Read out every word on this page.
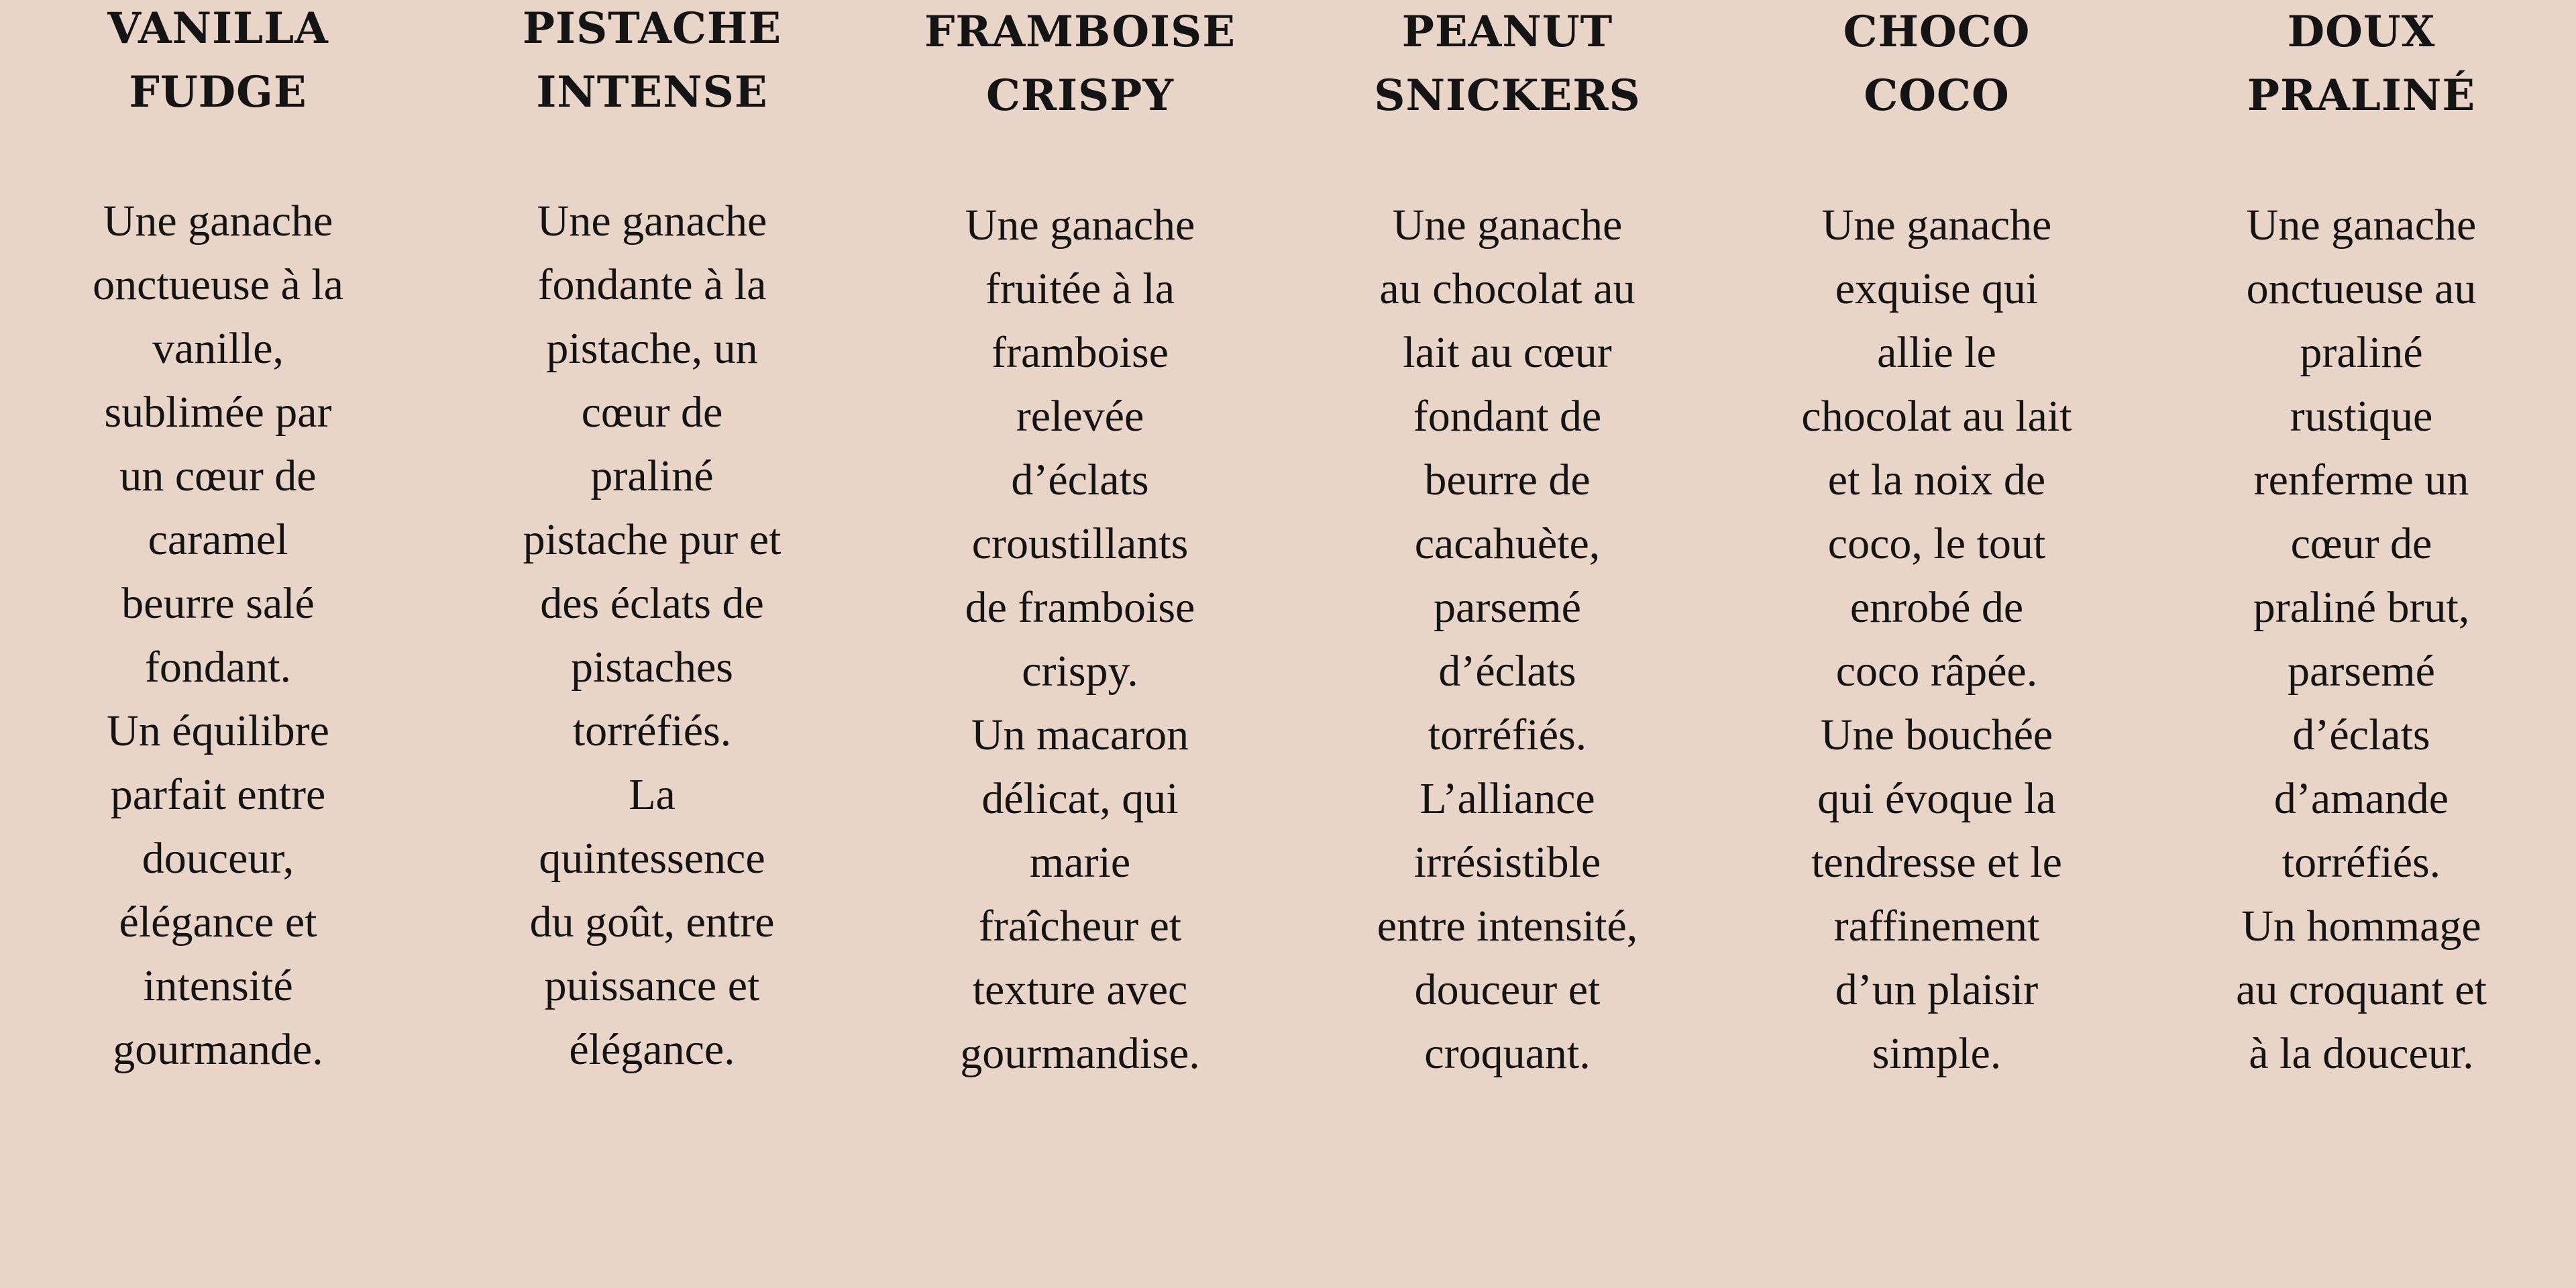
VANILLA
FUDGE
Une ganache
onctueuse à la
vanille,
sublimée par
un cœur de
caramel
beurre salé
fondant.
Un équilibre
parfait entre
douceur,
élégance et
intensité
gourmande.
PISTACHE
INTENSE
Une ganache
fondante à la
pistache, un
cœur de
praliné
pistache pur et
des éclats de
pistaches
torréfiés.
La
quintessence
du goût, entre
puissance et
élégance.
FRAMBOISE
CRISPY
Une ganache
fruitée à la
framboise
relevée
d’éclats
croustillants
de framboise
crispy.
Un macaron
délicat, qui
marie
fraîcheur et
texture avec
gourmandise.
PEANUT
SNICKERS
Une ganache
au chocolat au
lait au cœur
fondant de
beurre de
cacahuète,
parsemé
d’éclats
torréfiés.
L’alliance
irrésistible
entre intensité,
douceur et
croquant.
CHOCO
COCO
Une ganache
exquise qui
allie le
chocolat au lait
et la noix de
coco, le tout
enrobé de
coco râpée.
Une bouchée
qui évoque la
tendresse et le
raffinement
d’un plaisir
simple.
DOUX
PRALINÉ
Une ganache
onctueuse au
praliné
rustique
renferme un
cœur de
praliné brut,
parsemé
d’éclats
d’amande
torréfiés.
Un hommage
au croquant et
à la douceur.
